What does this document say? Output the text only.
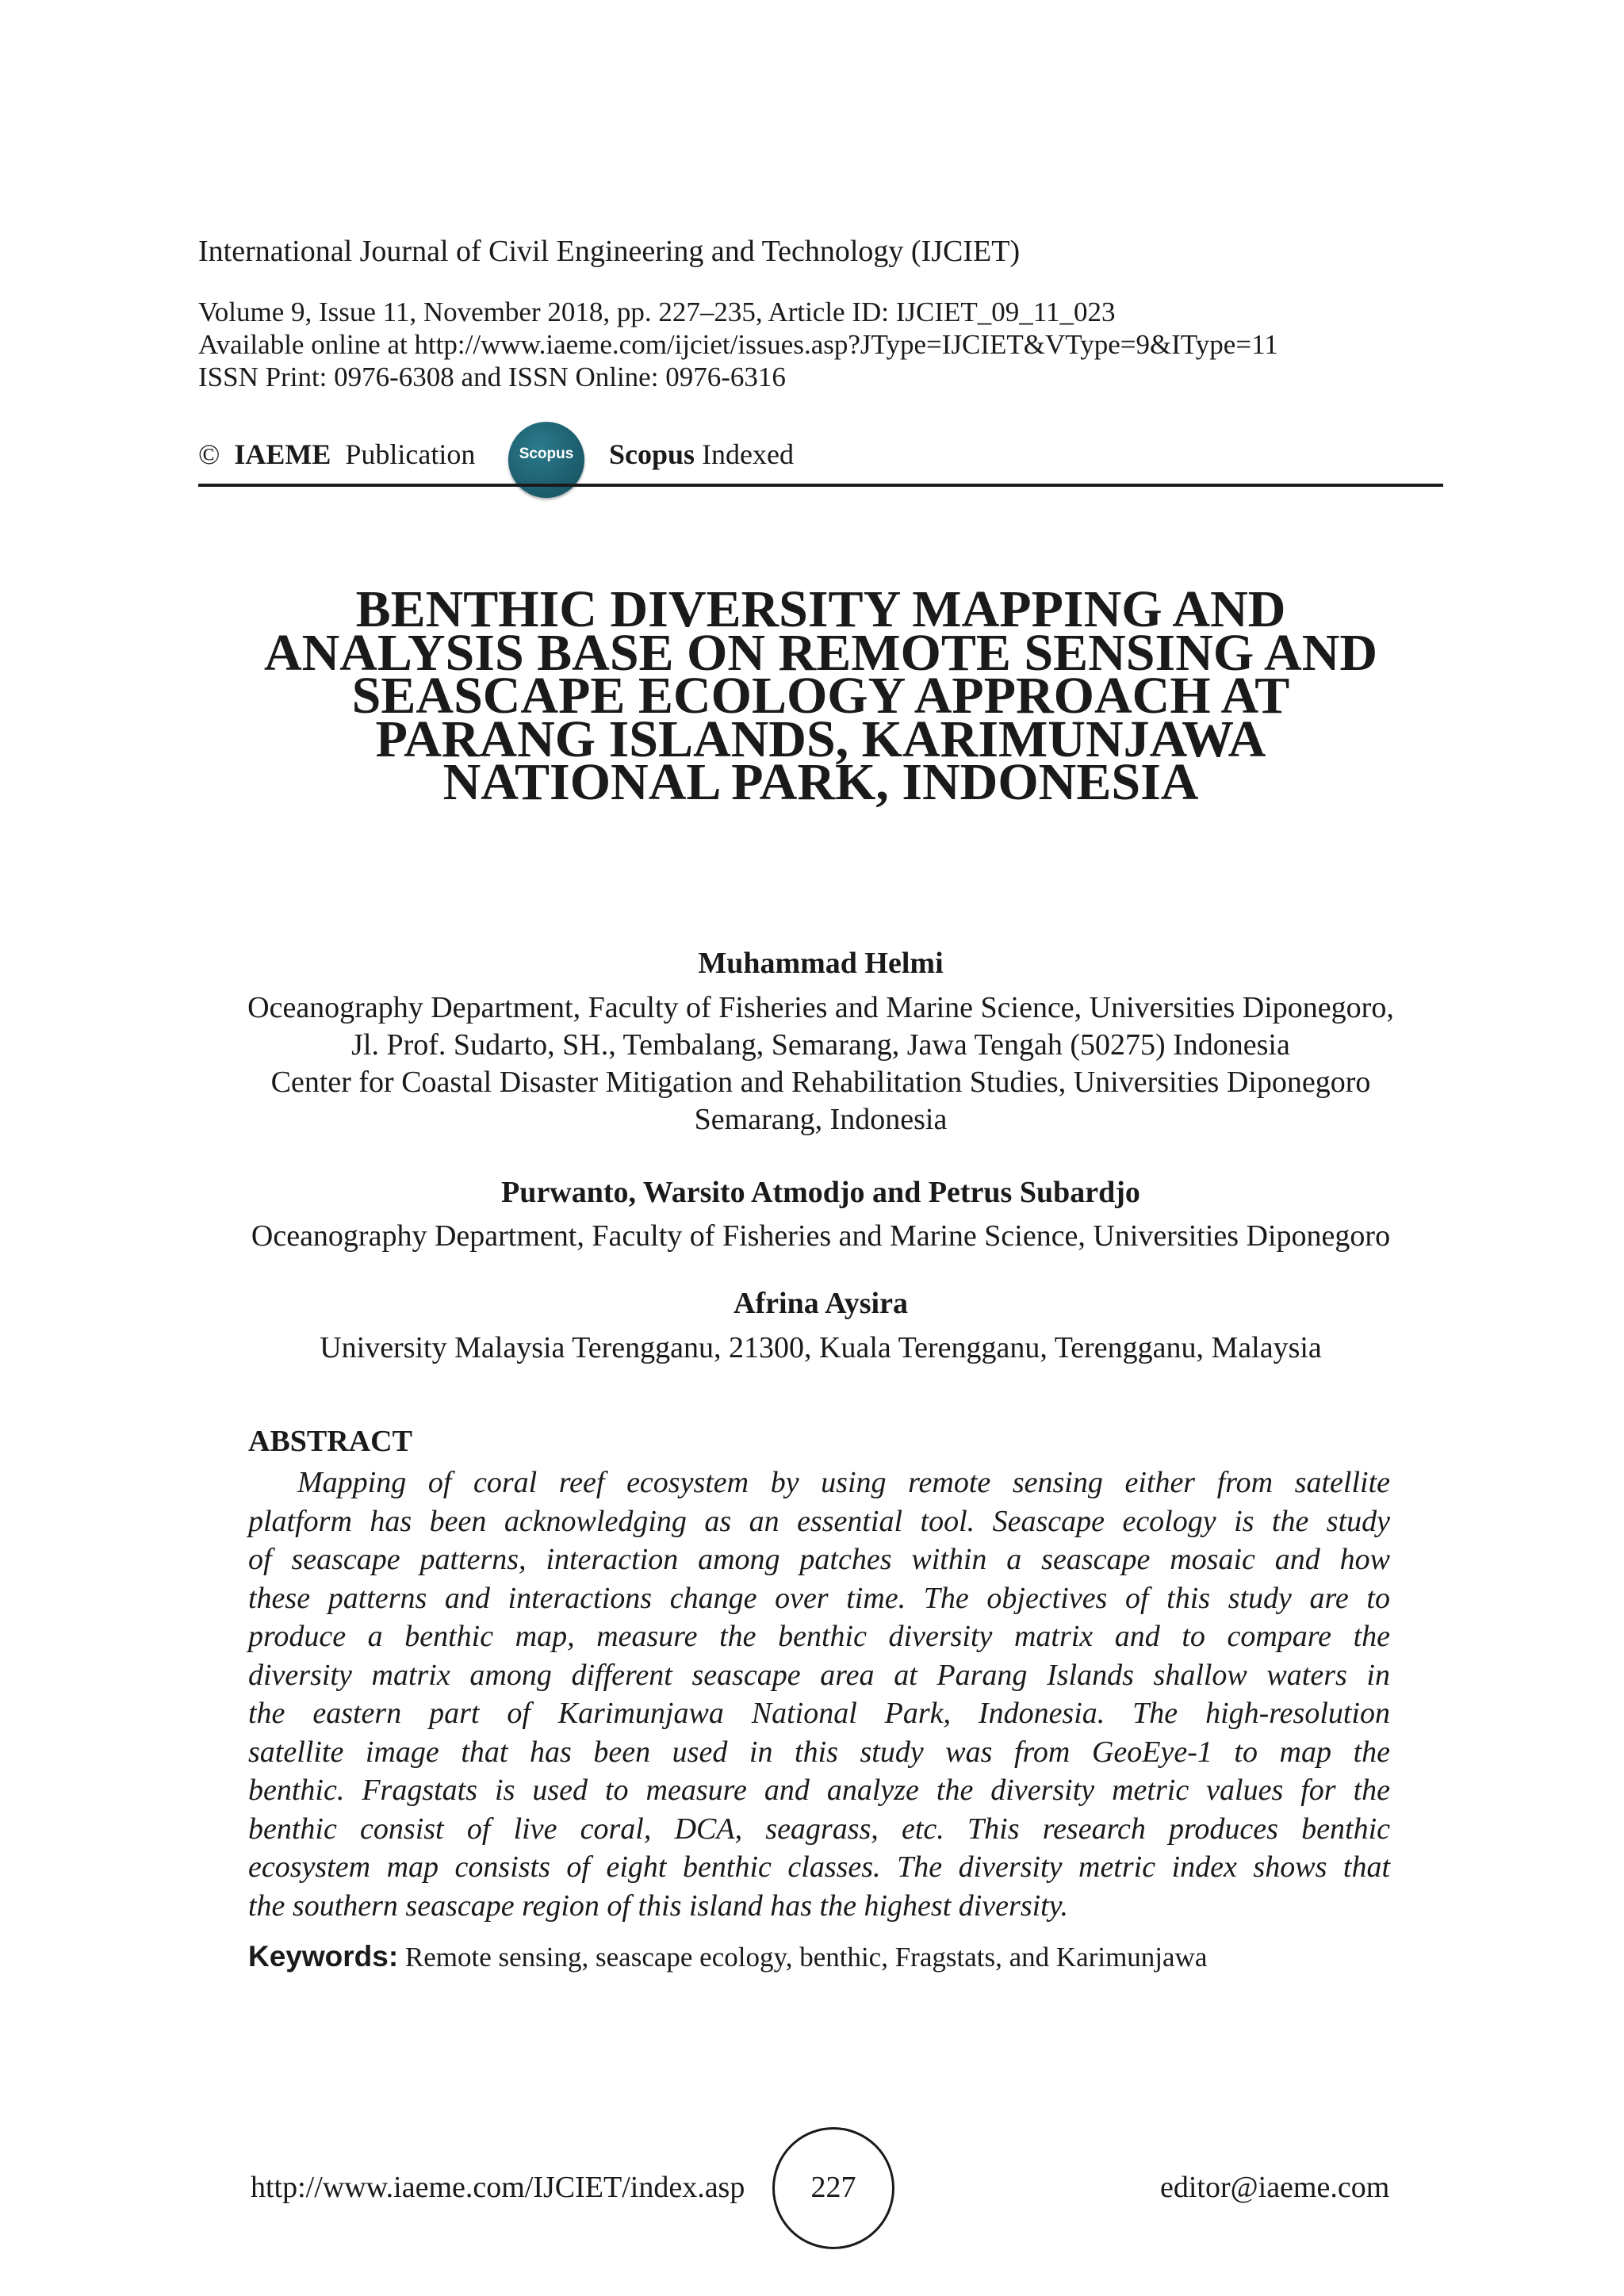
International Journal of Civil Engineering and Technology (IJCIET)
Volume 9, Issue 11, November 2018, pp. 227–235, Article ID: IJCIET_09_11_023
Available online at http://www.iaeme.com/ijciet/issues.asp?JType=IJCIET&VType=9&IType=11
ISSN Print: 0976-6308 and ISSN Online: 0976-6316
© IAEME Publication	Scopus	Scopus Indexed
Muhammad Helmi
Oceanography Department, Faculty of Fisheries and Marine Science, Universities Diponegoro,
Jl. Prof. Sudarto, SH., Tembalang, Semarang, Jawa Tengah (50275) Indonesia
Center for Coastal Disaster Mitigation and Rehabilitation Studies, Universities Diponegoro
Semarang, Indonesia
Purwanto, Warsito Atmodjo and Petrus Subardjo
Oceanography Department, Faculty of Fisheries and Marine Science, Universities Diponegoro
Afrina Aysira
University Malaysia Terengganu, 21300, Kuala Terengganu, Terengganu, Malaysia
ABSTRACT
Mapping of coral reef ecosystem by using remote sensing either from satellite
platform has been acknowledging as an essential tool. Seascape ecology is the study
of seascape patterns, interaction among patches within a seascape mosaic and how
these patterns and interactions change over time. The objectives of this study are to
produce a benthic map, measure the benthic diversity matrix and to compare the
diversity matrix among different seascape area at Parang Islands shallow waters in
the eastern part of Karimunjawa National Park, Indonesia. The high-resolution
satellite image that has been used in this study was from GeoEye-1 to map the
benthic. Fragstats is used to measure and analyze the diversity metric values for the
benthic consist of live coral, DCA, seagrass, etc. This research produces benthic
ecosystem map consists of eight benthic classes. The diversity metric index shows that
the southern seascape region of this island has the highest diversity.
Keywords: Remote sensing, seascape ecology, benthic, Fragstats, and Karimunjawa
http://www.iaeme.com/IJCIET/index.asp	227	editor@iaeme.com
BENTHIC DIVERSITY MAPPING AND
ANALYSIS BASE ON REMOTE SENSING AND
SEASCAPE ECOLOGY APPROACH AT
PARANG ISLANDS, KARIMUNJAWA
NATIONAL PARK, INDONESIA
